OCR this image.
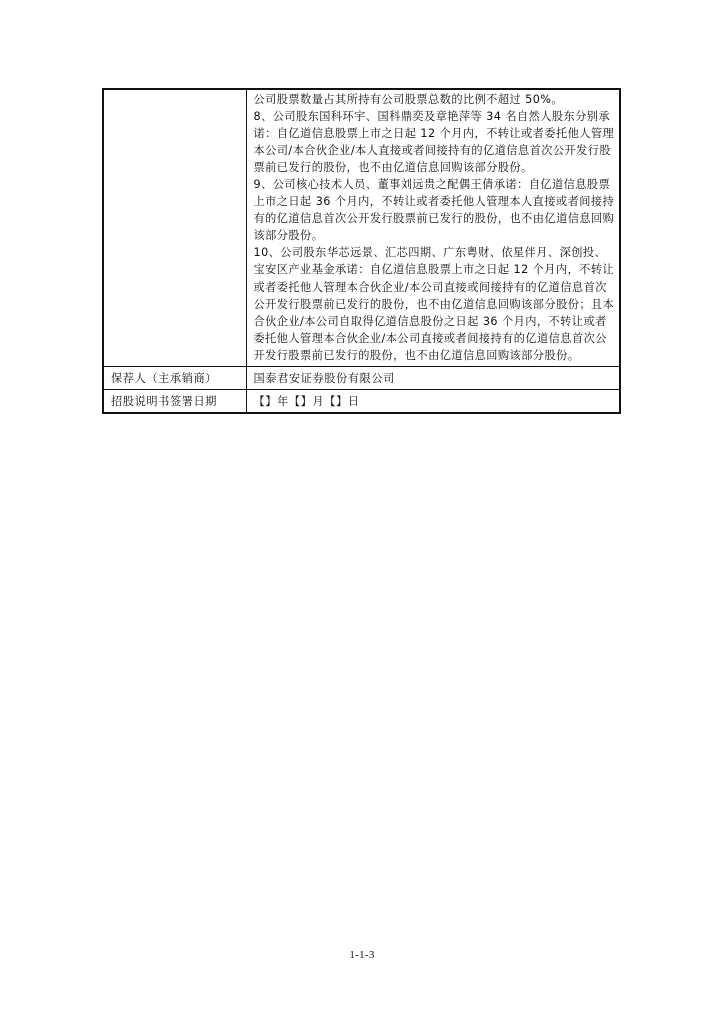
	公司股票数量占其所持有公司股票总数的比例不超过 50%。

8、公司股东国科环宇、国科鼎奕及章艳萍等 34 名自然人股东分别承诺：自亿道信息股票上市之日起 12 个月内，不转让或者委托他人管理本公司/本合伙企业/本人直接或者间接持有的亿道信息首次公开发行股票前已发行的股份，也不由亿道信息回购该部分股份。

9、公司核心技术人员、董事刘远贵之配偶王倩承诺：自亿道信息股票上市之日起 36 个月内，不转让或者委托他人管理本人直接或者间接持有的亿道信息首次公开发行股票前已发行的股份，也不由亿道信息回购该部分股份。

10、公司股东华芯远景、汇芯四期、广东粤财、依星伴月、深创投、宝安区产业基金承诺：自亿道信息股票上市之日起 12 个月内，不转让或者委托他人管理本合伙企业/本公司直接或间接持有的亿道信息首次公开发行股票前已发行的股份，也不由亿道信息回购该部分股份；且本合伙企业/本公司自取得亿道信息股份之日起 36 个月内，不转让或者委托他人管理本合伙企业/本公司直接或者间接持有的亿道信息首次公开发行股票前已发行的股份，也不由亿道信息回购该部分股份。

保荐人（主承销商）	国泰君安证券股份有限公司
招股说明书签署日期	【】年【】月【】日
1-1-3
